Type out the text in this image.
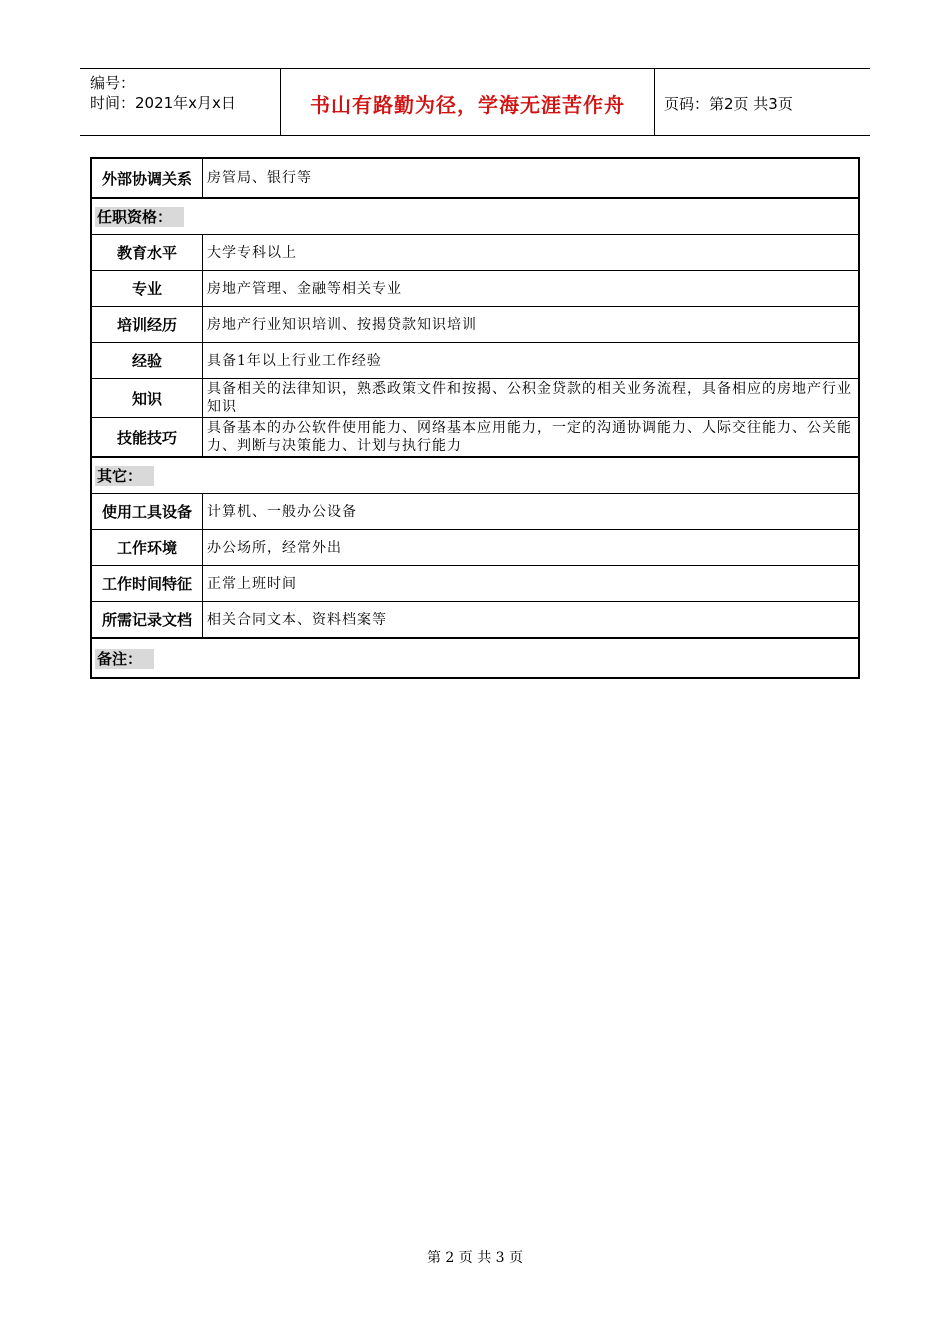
编号：
时间：2021年x月x日	书山有路勤为径，学海无涯苦作舟	页码：第2页 共3页
外部协调关系	房管局、银行等
任职资格：	
教育水平	大学专科以上
专业	房地产管理、金融等相关专业
培训经历	房地产行业知识培训、按揭贷款知识培训
经验	具备1年以上行业工作经验
知识	具备相关的法律知识，熟悉政策文件和按揭、公积金贷款的相关业务流程，具备相应的房地产行业知识
技能技巧	具备基本的办公软件使用能力、网络基本应用能力，一定的沟通协调能力、人际交往能力、公关能力、判断与决策能力、计划与执行能力
其它：	
使用工具设备	计算机、一般办公设备
工作环境	办公场所，经常外出
工作时间特征	正常上班时间
所需记录文档	相关合同文本、资料档案等
备注：	
第 2 页 共 3 页
